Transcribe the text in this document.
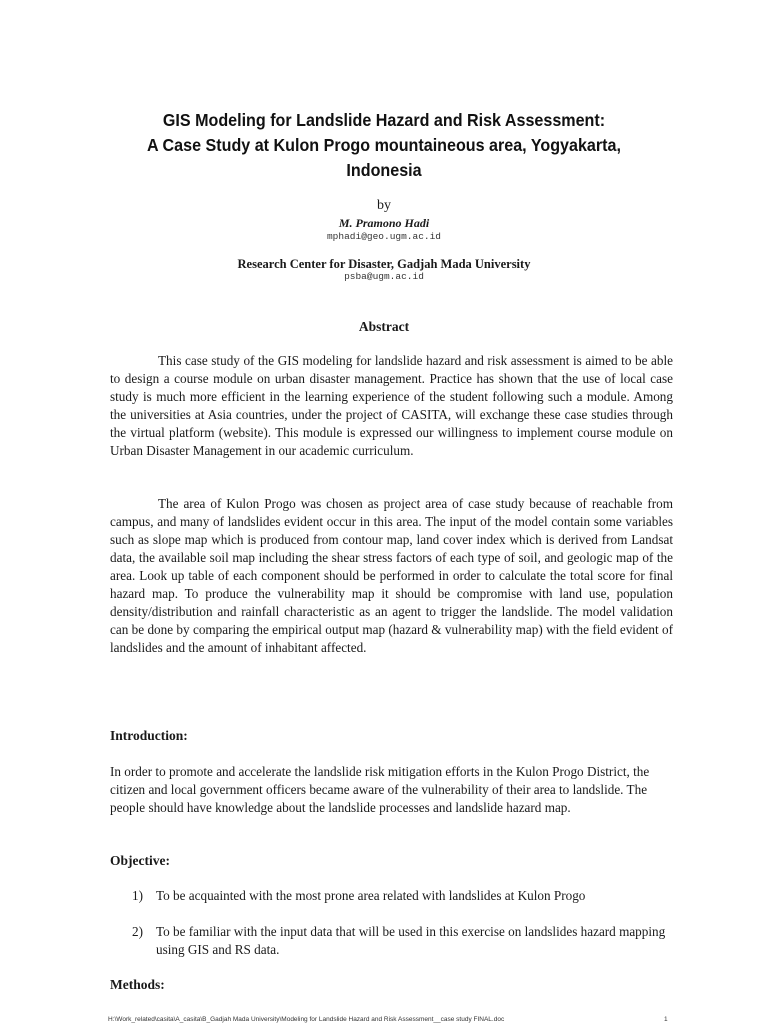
GIS Modeling for Landslide Hazard and Risk Assessment:
A Case Study at Kulon Progo mountaineous area, Yogyakarta,
Indonesia
by
M. Pramono Hadi
mphadi@geo.ugm.ac.id
Research Center for Disaster, Gadjah Mada University
psba@ugm.ac.id
Abstract

This case study of the GIS modeling for landslide hazard and risk assessment is aimed to be able to design a course module on urban disaster management. Practice has shown that the use of local case study is much more efficient in the learning experience of the student following such a module. Among the universities at Asia countries, under the project of CASITA, will exchange these case studies through the virtual platform (website). This module is expressed our willingness to implement course module on Urban Disaster Management in our academic curriculum.

The area of Kulon Progo was chosen as project area of case study because of reachable from campus, and many of landslides evident occur in this area. The input of the model contain some variables such as slope map which is produced from contour map, land cover index which is derived from Landsat data, the available soil map including the shear stress factors of each type of soil, and geologic map of the area. Look up table of each component should be performed in order to calculate the total score for final hazard map. To produce the vulnerability map it should be compromise with land use, population density/distribution and rainfall characteristic as an agent to trigger the landslide. The model validation can be done by comparing the empirical output map (hazard & vulnerability map) with the field evident of landslides and the amount of inhabitant affected.

Introduction:

In order to promote and accelerate the landslide risk mitigation efforts in the Kulon Progo District, the citizen and local government officers became aware of the vulnerability of their area to landslide. The people should have knowledge about the landslide processes and landslide hazard map.

Objective:
1) To be acquainted with the most prone area related with landslides at Kulon Progo
2) To be familiar with the input data that will be used in this exercise on landslides hazard mapping using GIS and RS data.
Methods:
H:\Work_related\casita\A_casita\B_Gadjah Mada University\Modeling for Landslide Hazard and Risk Assessment__case study FINAL.doc	1
